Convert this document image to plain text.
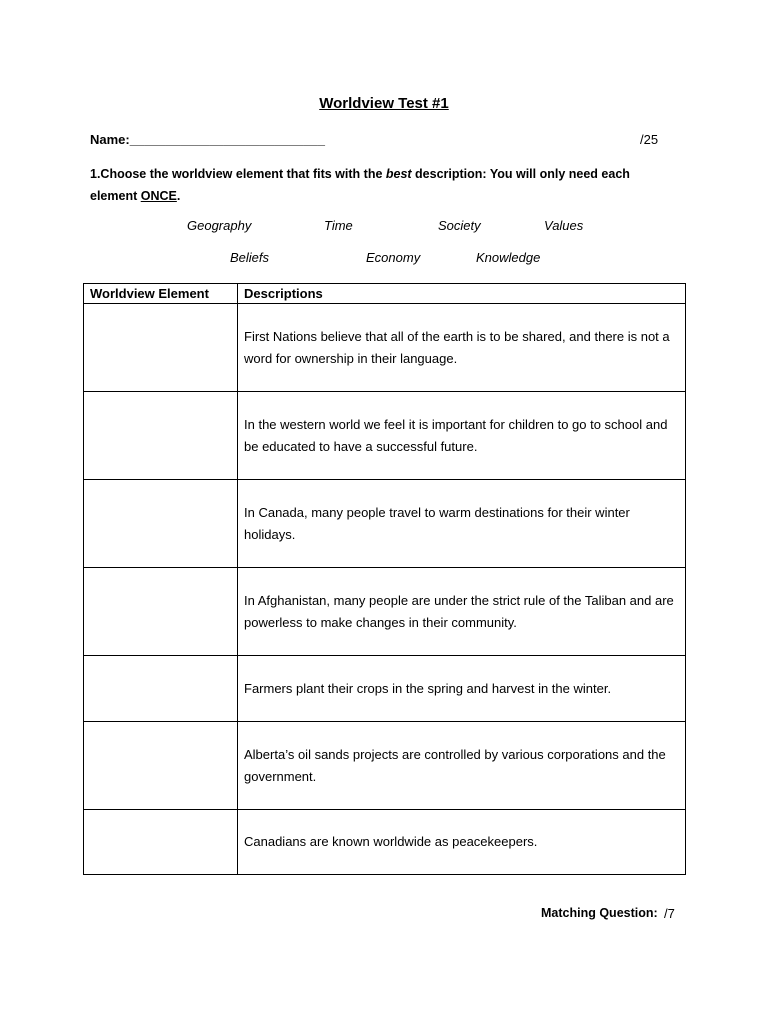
Worldview Test #1
Name:___________________________	/25
1.Choose the worldview element that fits with the best description: You will only need each element ONCE.
Geography	Time	Society	Values
Beliefs	Economy	Knowledge
Worldview Element	Descriptions
	First Nations believe that all of the earth is to be shared, and there is not a word for ownership in their language.
	In the western world we feel it is important for children to go to school and be educated to have a successful future.
	In Canada, many people travel to warm destinations for their winter holidays.
	In Afghanistan, many people are under the strict rule of the Taliban and are powerless to make changes in their community.
	Farmers plant their crops in the spring and harvest in the winter.
	Alberta’s oil sands projects are controlled by various corporations and the government.
	Canadians are known worldwide as peacekeepers.
Matching Question: /7
